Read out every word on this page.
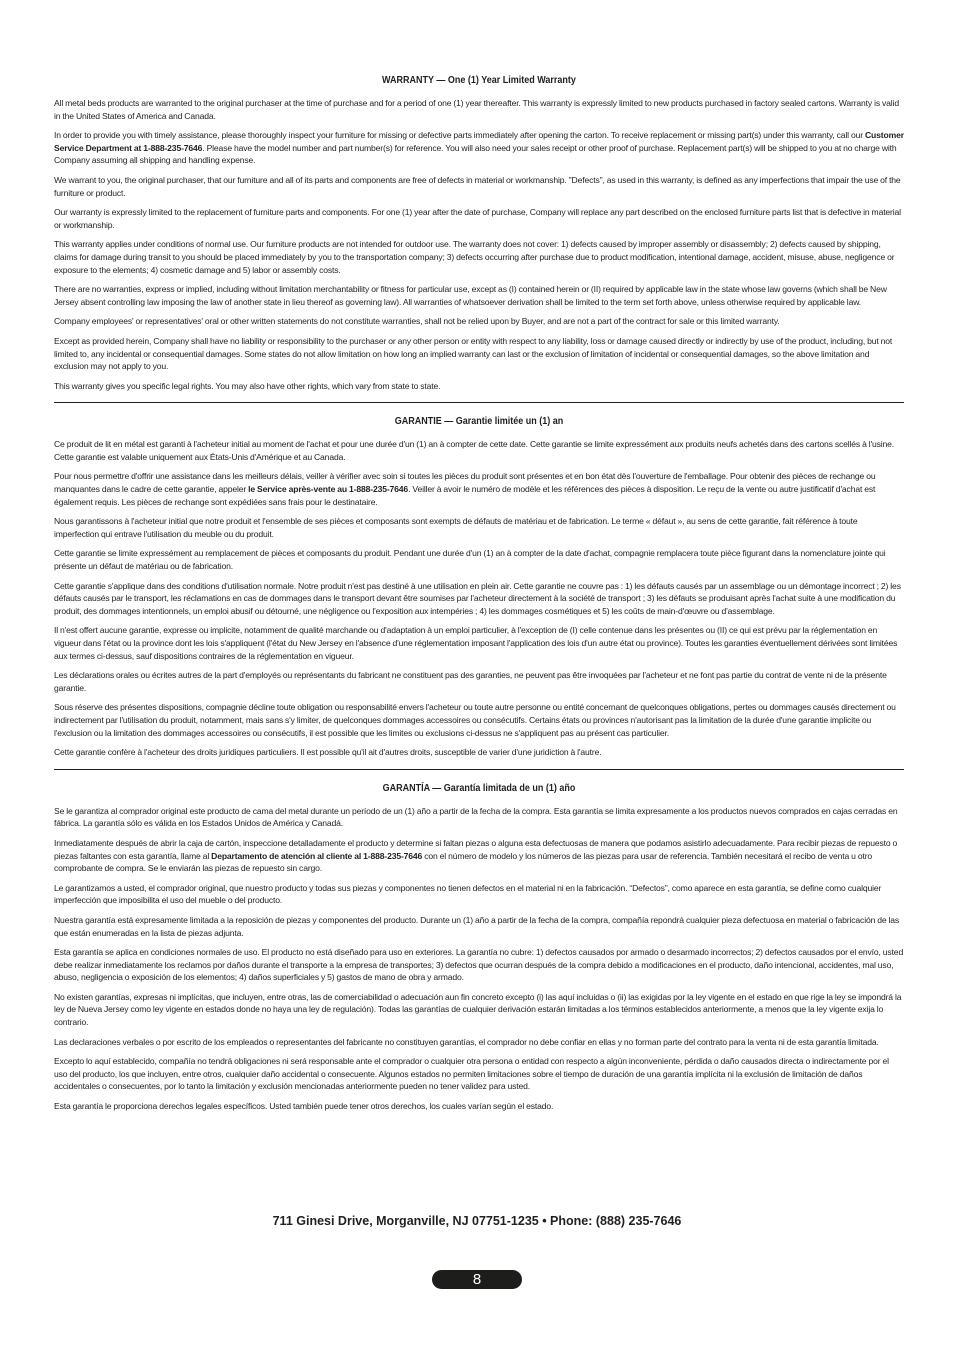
WARRANTY — One (1) Year Limited Warranty

All metal beds products are warranted to the original purchaser at the time of purchase and for a period of one (1) year thereafter. This warranty is expressly limited to new products purchased in factory sealed cartons. Warranty is valid in the United States of America and Canada.

In order to provide you with timely assistance, please thoroughly inspect your furniture for missing or defective parts immediately after opening the carton. To receive replacement or missing part(s) under this warranty, call our Customer Service Department at 1-888-235-7646. Please have the model number and part number(s) for reference. You will also need your sales receipt or other proof of purchase. Replacement part(s) will be shipped to you at no charge with Company assuming all shipping and handling expense.

We warrant to you, the original purchaser, that our furniture and all of its parts and components are free of defects in material or workmanship. "Defects", as used in this warranty, is defined as any imperfections that impair the use of the furniture or product.

Our warranty is expressly limited to the replacement of furniture parts and components. For one (1) year after the date of purchase, Company will replace any part described on the enclosed furniture parts list that is defective in material or workmanship.

This warranty applies under conditions of normal use. Our furniture products are not intended for outdoor use. The warranty does not cover: 1) defects caused by improper assembly or disassembly; 2) defects caused by shipping, claims for damage during transit to you should be placed immediately by you to the transportation company; 3) defects occurring after purchase due to product modification, intentional damage, accident, misuse, abuse, negligence or exposure to the elements; 4) cosmetic damage and 5) labor or assembly costs.

There are no warranties, express or implied, including without limitation merchantability or fitness for particular use, except as (I) contained herein or (II) required by applicable law in the state whose law governs (which shall be New Jersey absent controlling law imposing the law of another state in lieu thereof as governing law). All warranties of whatsoever derivation shall be limited to the term set forth above, unless otherwise required by applicable law.

Company employees' or representatives' oral or other written statements do not constitute warranties, shall not be relied upon by Buyer, and are not a part of the contract for sale or this limited warranty.

Except as provided herein, Company shall have no liability or responsibility to the purchaser or any other person or entity with respect to any liability, loss or damage caused directly or indirectly by use of the product, including, but not limited to, any incidental or consequential damages. Some states do not allow limitation on how long an implied warranty can last or the exclusion of limitation of incidental or consequential damages, so the above limitation and exclusion may not apply to you.

This warranty gives you specific legal rights. You may also have other rights, which vary from state to state.

GARANTIE — Garantie limitée un (1) an

Ce produit de lit en métal est garanti à l'acheteur initial au moment de l'achat et pour une durée d'un (1) an à compter de cette date. Cette garantie se limite expressément aux produits neufs achetés dans des cartons scellés à l'usine. Cette garantie est valable uniquement aux États-Unis d'Amérique et au Canada.

Pour nous permettre d'offrir une assistance dans les meilleurs délais, veiller à vérifier avec soin si toutes les pièces du produit sont présentes et en bon état dès l'ouverture de l'emballage. Pour obtenir des pièces de rechange ou manquantes dans le cadre de cette garantie, appeler le Service après-vente au 1-888-235-7646. Veiller à avoir le numéro de modèle et les références des pièces à disposition. Le reçu de la vente ou autre justificatif d'achat est également requis. Les pièces de rechange sont expédiées sans frais pour le destinataire.

Nous garantissons à l'acheteur initial que notre produit et l'ensemble de ses pièces et composants sont exempts de défauts de matériau et de fabrication. Le terme « défaut », au sens de cette garantie, fait référence à toute imperfection qui entrave l'utilisation du meuble ou du produit.

Cette garantie se limite expressément au remplacement de pièces et composants du produit. Pendant une durée d'un (1) an à compter de la date d'achat, compagnie remplacera toute pièce figurant dans la nomenclature jointe qui présente un défaut de matériau ou de fabrication.

Cette garantie s'applique dans des conditions d'utilisation normale. Notre produit n'est pas destiné à une utilisation en plein air. Cette garantie ne couvre pas : 1) les défauts causés par un assemblage ou un démontage incorrect ; 2) les défauts causés par le transport, les réclamations en cas de dommages dans le transport devant être soumises par l'acheteur directement à la société de transport ; 3) les défauts se produisant après l'achat suite à une modification du produit, des dommages intentionnels, un emploi abusif ou détourné, une négligence ou l'exposition aux intempéries ; 4) les dommages cosmétiques et 5) les coûts de main-d'œuvre ou d'assemblage.

Il n'est offert aucune garantie, expresse ou implicite, notamment de qualité marchande ou d'adaptation à un emploi particulier, à l'exception de (I) celle contenue dans les présentes ou (II) ce qui est prévu par la réglementation en vigueur dans l'état ou la province dont les lois s'appliquent (l'état du New Jersey en l'absence d'une réglementation imposant l'application des lois d'un autre état ou province). Toutes les garanties éventuellement dérivées sont limitées aux termes ci-dessus, sauf dispositions contraires de la réglementation en vigueur.

Les déclarations orales ou écrites autres de la part d'employés ou représentants du fabricant ne constituent pas des garanties, ne peuvent pas être invoquées par l'acheteur et ne font pas partie du contrat de vente ni de la présente garantie.

Sous réserve des présentes dispositions, compagnie décline toute obligation ou responsabilité envers l'acheteur ou toute autre personne ou entité concernant de quelconques obligations, pertes ou dommages causés directement ou indirectement par l'utilisation du produit, notamment, mais sans s'y limiter, de quelconques dommages accessoires ou consécutifs. Certains états ou provinces n'autorisant pas la limitation de la durée d'une garantie implicite ou l'exclusion ou la limitation des dommages accessoires ou consécutifs, il est possible que les limites ou exclusions ci-dessus ne s'appliquent pas au présent cas particulier.

Cette garantie confère à l'acheteur des droits juridiques particuliers. Il est possible qu'il ait d'autres droits, susceptible de varier d'une juridiction à l'autre.

GARANTÍA — Garantía limitada de un (1) año

Se le garantiza al comprador original este producto de cama del metal durante un período de un (1) año a partir de la fecha de la compra. Esta garantía se limita expresamente a los productos nuevos comprados en cajas cerradas en fábrica. La garantía sólo es válida en los Estados Unidos de América y Canadá.

Inmediatamente después de abrir la caja de cartón, inspeccione detalladamente el producto y determine si faltan piezas o alguna esta defectuosas de manera que podamos asistirlo adecuadamente. Para recibir piezas de repuesto o piezas faltantes con esta garantía, llame al Departamento de atención al cliente al 1-888-235-7646 con el número de modelo y los números de las piezas para usar de referencia. También necesitará el recibo de venta u otro comprobante de compra. Se le enviarán las piezas de repuesto sin cargo.

Le garantizamos a usted, el comprador original, que nuestro producto y todas sus piezas y componentes no tienen defectos en el material ni en la fabricación. “Defectos”, como aparece en esta garantía, se define como cualquier imperfección que imposibilita el uso del mueble o del producto.

Nuestra garantía está expresamente limitada a la reposición de piezas y componentes del producto. Durante un (1) año a partir de la fecha de la compra, compañía repondrá cualquier pieza defectuosa en material o fabricación de las que están enumeradas en la lista de piezas adjunta.

Esta garantía se aplica en condiciones normales de uso. El producto no está diseñado para uso en exteriores. La garantía no cubre: 1) defectos causados por armado o desarmado incorrectos; 2) defectos causados por el envío, usted debe realizar inmediatamente los reclamos por daños durante el transporte a la empresa de transportes; 3) defectos que ocurran después de la compra debido a modificaciones en el producto, daño intencional, accidentes, mal uso, abuso, negligencia o exposición de los elementos; 4) daños superficiales y 5) gastos de mano de obra y armado.

No existen garantías, expresas ni implícitas, que incluyen, entre otras, las de comerciabilidad o adecuación aun fin concreto excepto (i) las aquí incluidas o (ii) las exigidas por la ley vigente en el estado en que rige la ley se impondrá la ley de Nueva Jersey como ley vigente en estados donde no haya una ley de regulación). Todas las garantías de cualquier derivación estarán limitadas a los términos establecidos anteriormente, a menos que la ley vigente exija lo contrario.

Las declaraciones verbales o por escrito de los empleados o representantes del fabricante no constituyen garantías, el comprador no debe confiar en ellas y no forman parte del contrato para la venta ni de esta garantía limitada.

Excepto lo aquí establecido, compañía no tendrá obligaciones ni será responsable ante el comprador o cualquier otra persona o entidad con respecto a algún inconveniente, pérdida o daño causados directa o indirectamente por el uso del producto, los que incluyen, entre otros, cualquier daño accidental o consecuente. Algunos estados no permiten limitaciones sobre el tiempo de duración de una garantía implícita ni la exclusión de limitación de daños accidentales o consecuentes, por lo tanto la limitación y exclusión mencionadas anteriormente pueden no tener validez para usted.

Esta garantía le proporciona derechos legales específicos. Usted también puede tener otros derechos, los cuales varían según el estado.

711 Ginesi Drive, Morganville, NJ 07751-1235 • Phone: (888) 235-7646
8
